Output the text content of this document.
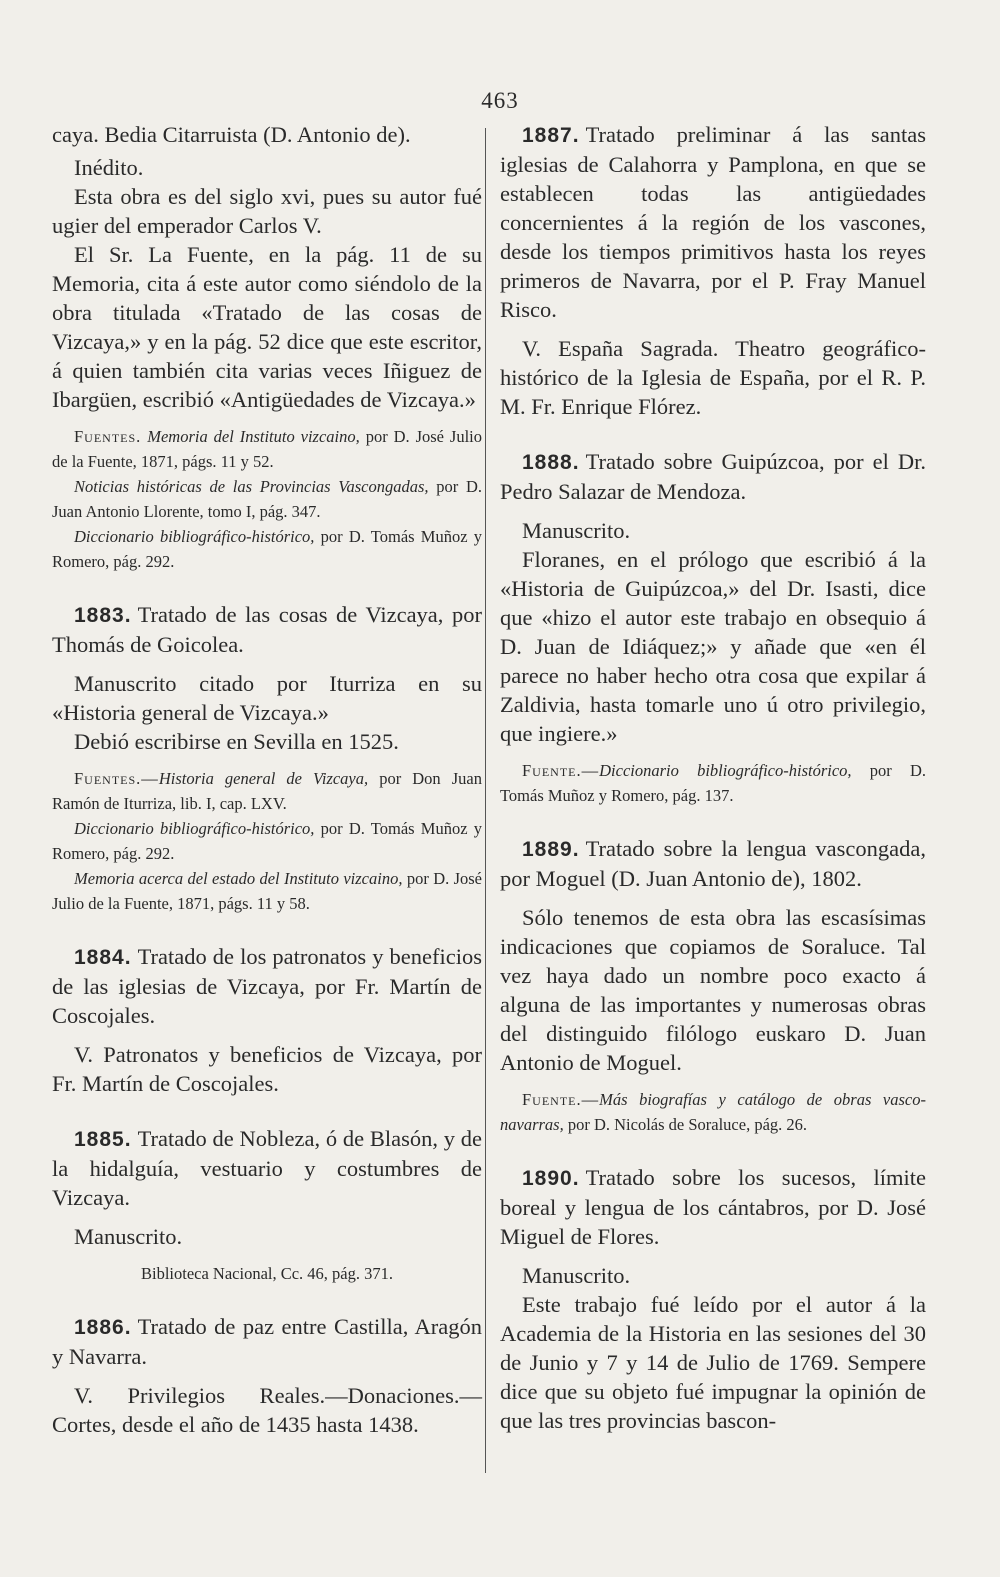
463

caya. Bedia Citarruista (D. Antonio de).

Inédito.

Esta obra es del siglo xvi, pues su autor fué ugier del emperador Carlos V.

El Sr. La Fuente, en la pág. 11 de su Memoria, cita á este autor como siéndolo de la obra titulada «Tratado de las cosas de Vizcaya,» y en la pág. 52 dice que este escritor, á quien también cita varias veces Iñiguez de Ibargüen, escribió «Antigüedades de Vizcaya.»

Fuentes. Memoria del Instituto vizcaino, por D. José Julio de la Fuente, 1871, págs. 11 y 52.

Noticias históricas de las Provincias Vascongadas, por D. Juan Antonio Llorente, tomo I, pág. 347.

Diccionario bibliográfico-histórico, por D. Tomás Muñoz y Romero, pág. 292.

1883. Tratado de las cosas de Vizcaya, por Thomás de Goicolea.

Manuscrito citado por Iturriza en su «Historia general de Vizcaya.»

Debió escribirse en Sevilla en 1525.

Fuentes.—Historia general de Vizcaya, por Don Juan Ramón de Iturriza, lib. I, cap. LXV.

Diccionario bibliográfico-histórico, por D. Tomás Muñoz y Romero, pág. 292.

Memoria acerca del estado del Instituto vizcaino, por D. José Julio de la Fuente, 1871, págs. 11 y 58.

1884. Tratado de los patronatos y beneficios de las iglesias de Vizcaya, por Fr. Martín de Coscojales.

V. Patronatos y beneficios de Vizcaya, por Fr. Martín de Coscojales.

1885. Tratado de Nobleza, ó de Blasón, y de la hidalguía, vestuario y costumbres de Vizcaya.

Manuscrito.

Biblioteca Nacional, Cc. 46, pág. 371.

1886. Tratado de paz entre Castilla, Aragón y Navarra.

V. Privilegios Reales.—Donaciones.—Cortes, desde el año de 1435 hasta 1438.

1887. Tratado preliminar á las santas iglesias de Calahorra y Pamplona, en que se establecen todas las antigüedades concernientes á la región de los vascones, desde los tiempos primitivos hasta los reyes primeros de Navarra, por el P. Fray Manuel Risco.

V. España Sagrada. Theatro geográfico-histórico de la Iglesia de España, por el R. P. M. Fr. Enrique Flórez.

1888. Tratado sobre Guipúzcoa, por el Dr. Pedro Salazar de Mendoza.

Manuscrito.

Floranes, en el prólogo que escribió á la «Historia de Guipúzcoa,» del Dr. Isasti, dice que «hizo el autor este trabajo en obsequio á D. Juan de Idiáquez;» y añade que «en él parece no haber hecho otra cosa que expilar á Zaldivia, hasta tomarle uno ú otro privilegio, que ingiere.»

Fuente.—Diccionario bibliográfico-histórico, por D. Tomás Muñoz y Romero, pág. 137.

1889. Tratado sobre la lengua vascongada, por Moguel (D. Juan Antonio de), 1802.

Sólo tenemos de esta obra las escasísimas indicaciones que copiamos de Soraluce. Tal vez haya dado un nombre poco exacto á alguna de las importantes y numerosas obras del distinguido filólogo euskaro D. Juan Antonio de Moguel.

Fuente.—Más biografías y catálogo de obras vasco-navarras, por D. Nicolás de Soraluce, pág. 26.

1890. Tratado sobre los sucesos, límite boreal y lengua de los cántabros, por D. José Miguel de Flores.

Manuscrito.

Este trabajo fué leído por el autor á la Academia de la Historia en las sesiones del 30 de Junio y 7 y 14 de Julio de 1769. Sempere dice que su objeto fué impugnar la opinión de que las tres provincias bascon-
